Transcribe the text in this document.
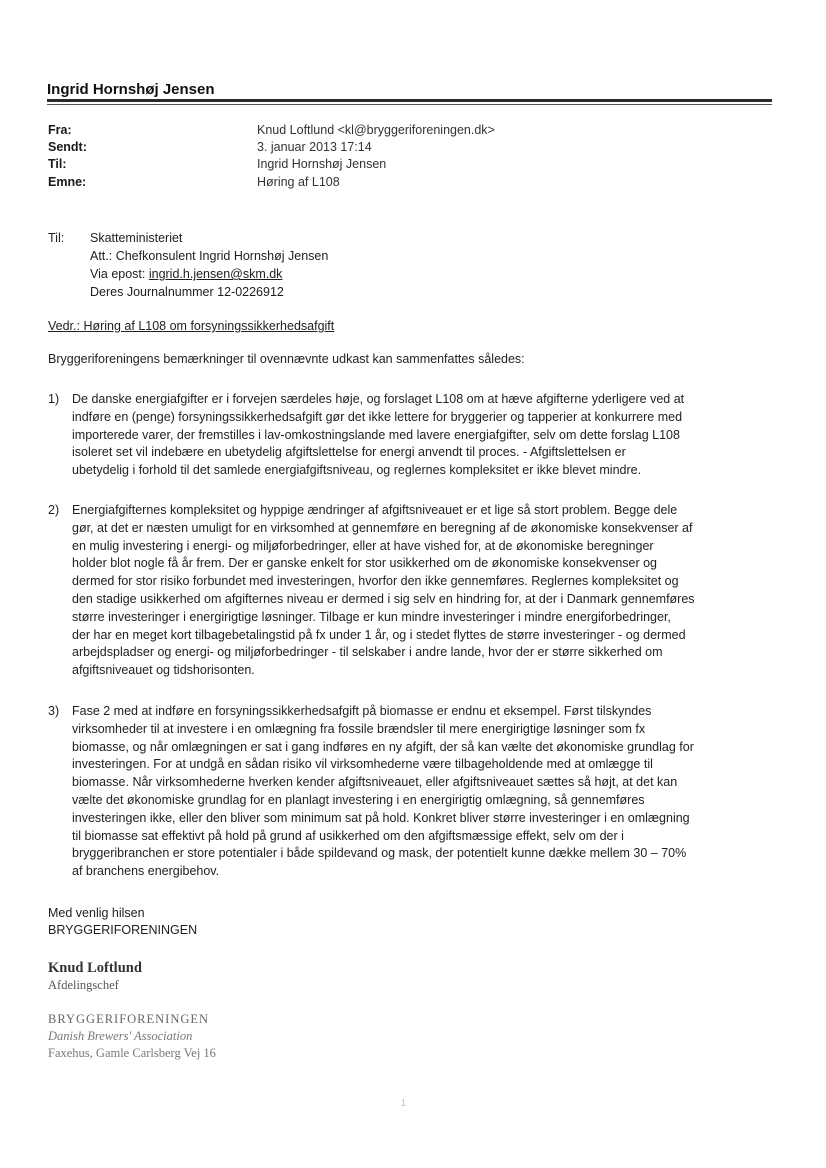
Ingrid Hornshøj Jensen
Fra:	Knud Loftlund <kl@bryggeriforeningen.dk>
Sendt:	3. januar 2013 17:14
Til:	Ingrid Hornshøj Jensen
Emne:	Høring af L108
Til: Skatteministeriet
Att.: Chefkonsulent Ingrid Hornshøj Jensen
Via epost: ingrid.h.jensen@skm.dk
Deres Journalnummer 12-0226912
Vedr.: Høring af L108 om forsyningssikkerhedsafgift
Bryggeriforeningens bemærkninger til ovennævnte udkast kan sammenfattes således:
1) De danske energiafgifter er i forvejen særdeles høje, og forslaget L108 om at hæve afgifterne yderligere ved at

indføre en (penge) forsyningssikkerhedsafgift gør det ikke lettere for bryggerier og tapperier at konkurrere med

importerede varer, der fremstilles i lav-omkostningslande med lavere energiafgifter, selv om dette forslag L108

isoleret set vil indebære en ubetydelig afgiftslettelse for energi anvendt til proces. - Afgiftslettelsen er

ubetydelig i forhold til det samlede energiafgiftsniveau, og reglernes kompleksitet er ikke blevet mindre.

2) Energiafgifternes kompleksitet og hyppige ændringer af afgiftsniveauet er et lige så stort problem. Begge dele

gør, at det er næsten umuligt for en virksomhed at gennemføre en beregning af de økonomiske konsekvenser af

en mulig investering i energi- og miljøforbedringer, eller at have vished for, at de økonomiske beregninger

holder blot nogle få år frem. Der er ganske enkelt for stor usikkerhed om de økonomiske konsekvenser og

dermed for stor risiko forbundet med investeringen, hvorfor den ikke gennemføres. Reglernes kompleksitet og

den stadige usikkerhed om afgifternes niveau er dermed i sig selv en hindring for, at der i Danmark gennemføres

større investeringer i energirigtige løsninger. Tilbage er kun mindre investeringer i mindre energiforbedringer,

der har en meget kort tilbagebetalingstid på fx under 1 år, og i stedet flyttes de større investeringer - og dermed

arbejdspladser og energi- og miljøforbedringer - til selskaber i andre lande, hvor der er større sikkerhed om

afgiftsniveauet og tidshorisonten.

3) Fase 2 med at indføre en forsyningssikkerhedsafgift på biomasse er endnu et eksempel. Først tilskyndes

virksomheder til at investere i en omlægning fra fossile brændsler til mere energirigtige løsninger som fx

biomasse, og når omlægningen er sat i gang indføres en ny afgift, der så kan vælte det økonomiske grundlag for

investeringen. For at undgå en sådan risiko vil virksomhederne være tilbageholdende med at omlægge til

biomasse. Når virksomhederne hverken kender afgiftsniveauet, eller afgiftsniveauet sættes så højt, at det kan

vælte det økonomiske grundlag for en planlagt investering i en energirigtig omlægning, så gennemføres

investeringen ikke, eller den bliver som minimum sat på hold. Konkret bliver større investeringer i en omlægning

til biomasse sat effektivt på hold på grund af usikkerhed om den afgiftsmæssige effekt, selv om der i

bryggeribranchen er store potentialer i både spildevand og mask, der potentielt kunne dække mellem 30 – 70%

af branchens energibehov.

Med venlig hilsen
BRYGGERIFORENINGEN
Knud Loftlund
Afdelingschef
BRYGGERIFORENINGEN
Danish Brewers' Association
Faxehus, Gamle Carlsberg Vej 16
1
